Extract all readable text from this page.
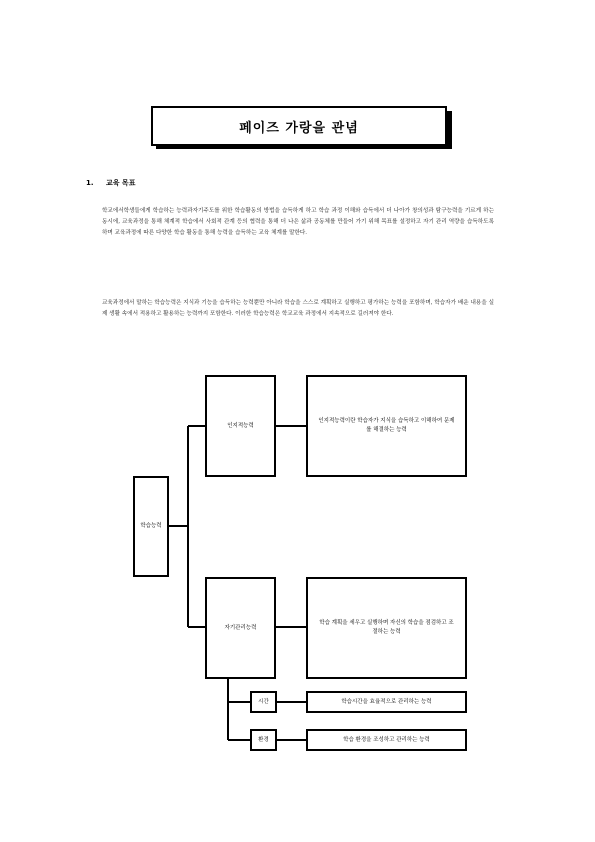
페이즈 가랑을 관념
1. 교육 목표

학교에서학생들에게 학습하는 능력과자기주도를 위한 학습활동의 방법을 습득하게 하고 학습 과정 이해와 습득에서 더 나아가 창의성과 탐구능력을 기르게 하는 동시에, 교육과정을 통해 체계적 학습에서 사회적 관계 등의 협력을 통해 더 나은 삶과 공동체를 만들어 가기 위해 목표를 설정하고 자기 관리 역량을 습득하도록 하며 교육과정에 따른 다양한 학습 활동을 통해 능력을 습득하는 교육 체계를 말한다.

교육과정에서 말하는 학습능력은 지식과 기능을 습득하는 능력뿐만 아니라 학습을 스스로 계획하고 실행하고 평가하는 능력을 포함하며, 학습자가 배운 내용을 실제 생활 속에서 적용하고 활용하는 능력까지 포함한다. 이러한 학습능력은 학교교육 과정에서 지속적으로 길러져야 한다.

학습능력
인지적능력
인지적능력이란 학습자가 지식을 습득하고 이해하여 문제를 해결하는 능력
자기관리능력
학습 계획을 세우고 실행하며 자신의 학습을 점검하고 조절하는 능력
시간	학습시간을 효율적으로 관리하는 능력
환경	학습 환경을 조성하고 관리하는 능력
